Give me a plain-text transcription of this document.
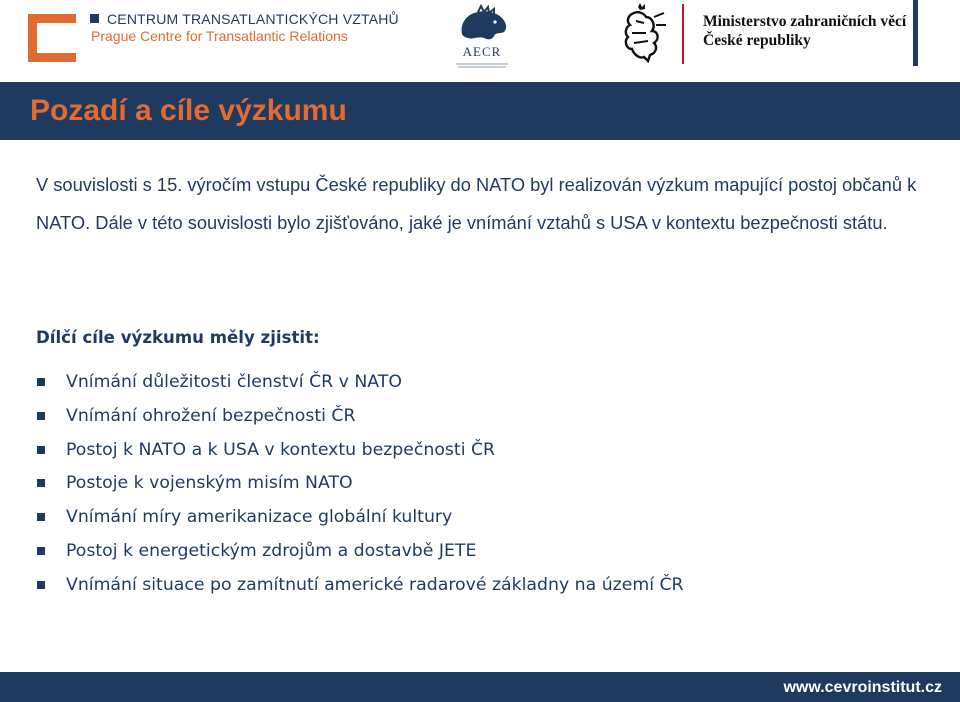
CENTRUM TRANSATLANTICKÝCH VZTAHŮ
Prague Centre for Transatlantic Relations
AECR
Ministerstvo zahraničních věcí
České republiky
Pozadí a cíle výzkumu
V souvislosti s 15. výročím vstupu České republiky do NATO byl realizován výzkum mapující postoj občanů k NATO. Dále v této souvislosti bylo zjišťováno, jaké je vnímání vztahů s USA v kontextu bezpečnosti státu.
Dílčí cíle výzkumu měly zjistit:
Vnímání důležitosti členství ČR v NATO
Vnímání ohrožení bezpečnosti ČR
Postoj k NATO a k USA v kontextu bezpečnosti ČR
Postoje k vojenským misím NATO
Vnímání míry amerikanizace globální kultury
Postoj k energetickým zdrojům a dostavbě JETE
Vnímání situace po zamítnutí americké radarové základny na území ČR
www.cevroinstitut.cz
